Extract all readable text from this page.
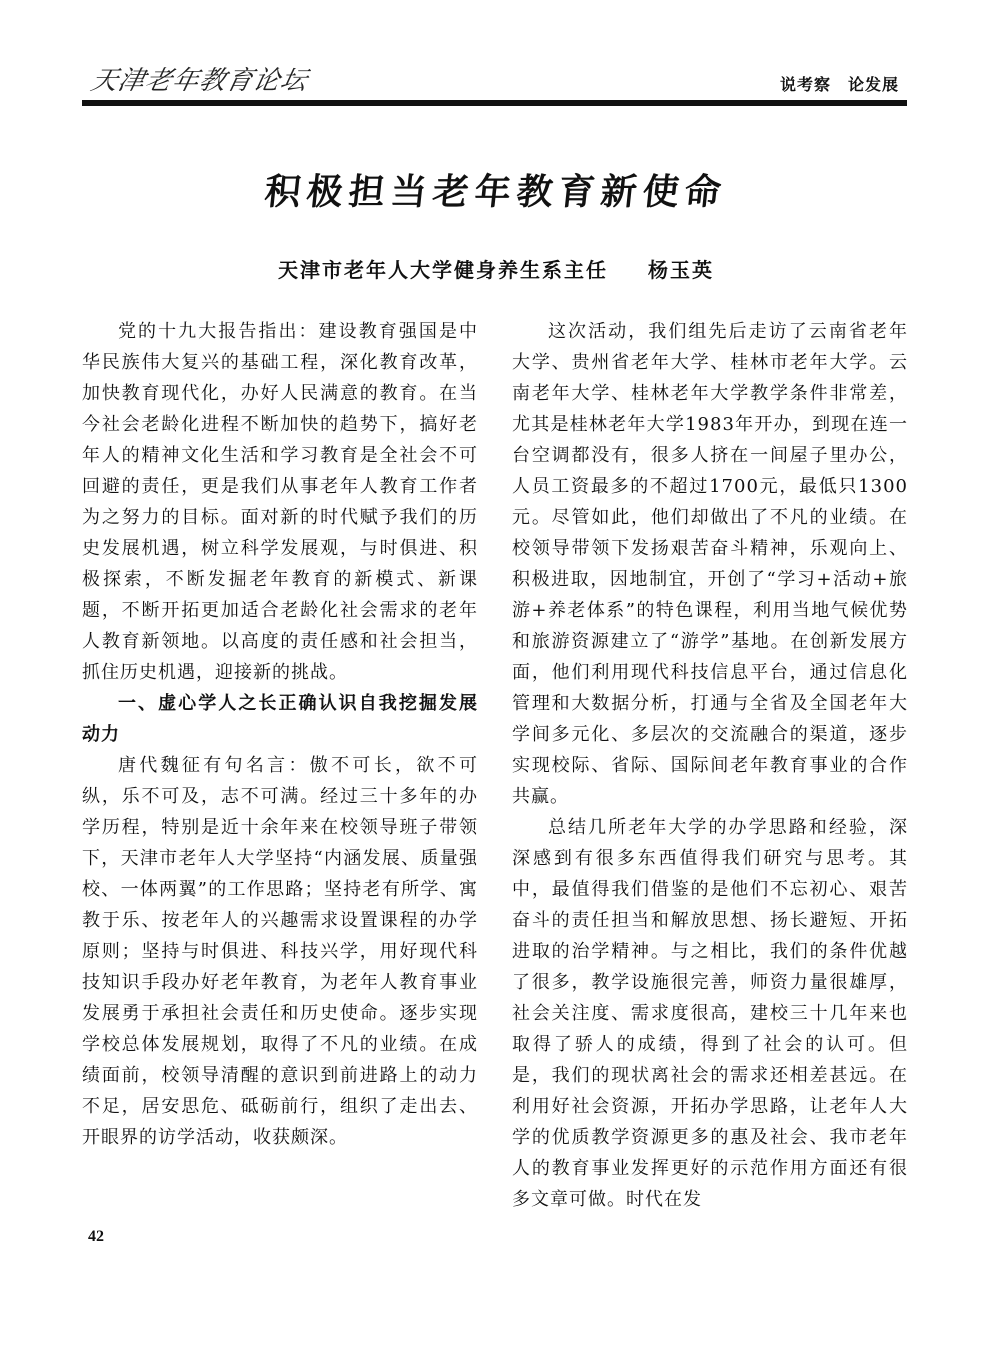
天津老年教育论坛	说考察　论发展
积极担当老年教育新使命
天津市老年人大学健身养生系主任 杨玉英

党的十九大报告指出：建设教育强国是中华民族伟大复兴的基础工程，深化教育改革，加快教育现代化，办好人民满意的教育。在当今社会老龄化进程不断加快的趋势下，搞好老年人的精神文化生活和学习教育是全社会不可回避的责任，更是我们从事老年人教育工作者为之努力的目标。面对新的时代赋予我们的历史发展机遇，树立科学发展观，与时俱进、积极探索，不断发掘老年教育的新模式、新课题，不断开拓更加适合老龄化社会需求的老年人教育新领地。以高度的责任感和社会担当，抓住历史机遇，迎接新的挑战。

一、虚心学人之长正确认识自我挖掘发展动力

唐代魏征有句名言：傲不可长，欲不可纵，乐不可及，志不可满。经过三十多年的办学历程，特别是近十余年来在校领导班子带领下，天津市老年人大学坚持“内涵发展、质量强校、一体两翼”的工作思路；坚持老有所学、寓教于乐、按老年人的兴趣需求设置课程的办学原则；坚持与时俱进、科技兴学，用好现代科技知识手段办好老年教育，为老年人教育事业发展勇于承担社会责任和历史使命。逐步实现学校总体发展规划，取得了不凡的业绩。在成绩面前，校领导清醒的意识到前进路上的动力不足，居安思危、砥砺前行，组织了走出去、开眼界的访学活动，收获颇深。

这次活动，我们组先后走访了云南省老年大学、贵州省老年大学、桂林市老年大学。云南老年大学、桂林老年大学教学条件非常差，尤其是桂林老年大学1983年开办，到现在连一台空调都没有，很多人挤在一间屋子里办公，人员工资最多的不超过1700元，最低只1300元。尽管如此，他们却做出了不凡的业绩。在校领导带领下发扬艰苦奋斗精神，乐观向上、积极进取，因地制宜，开创了“学习+活动+旅游+养老体系”的特色课程，利用当地气候优势和旅游资源建立了“游学”基地。在创新发展方面，他们利用现代科技信息平台，通过信息化管理和大数据分析，打通与全省及全国老年大学间多元化、多层次的交流融合的渠道，逐步实现校际、省际、国际间老年教育事业的合作共赢。

总结几所老年大学的办学思路和经验，深深感到有很多东西值得我们研究与思考。其中，最值得我们借鉴的是他们不忘初心、艰苦奋斗的责任担当和解放思想、扬长避短、开拓进取的治学精神。与之相比，我们的条件优越了很多，教学设施很完善，师资力量很雄厚，社会关注度、需求度很高，建校三十几年来也取得了骄人的成绩，得到了社会的认可。但是，我们的现状离社会的需求还相差甚远。在利用好社会资源，开拓办学思路，让老年人大学的优质教学资源更多的惠及社会、我市老年人的教育事业发挥更好的示范作用方面还有很多文章可做。时代在发

42
